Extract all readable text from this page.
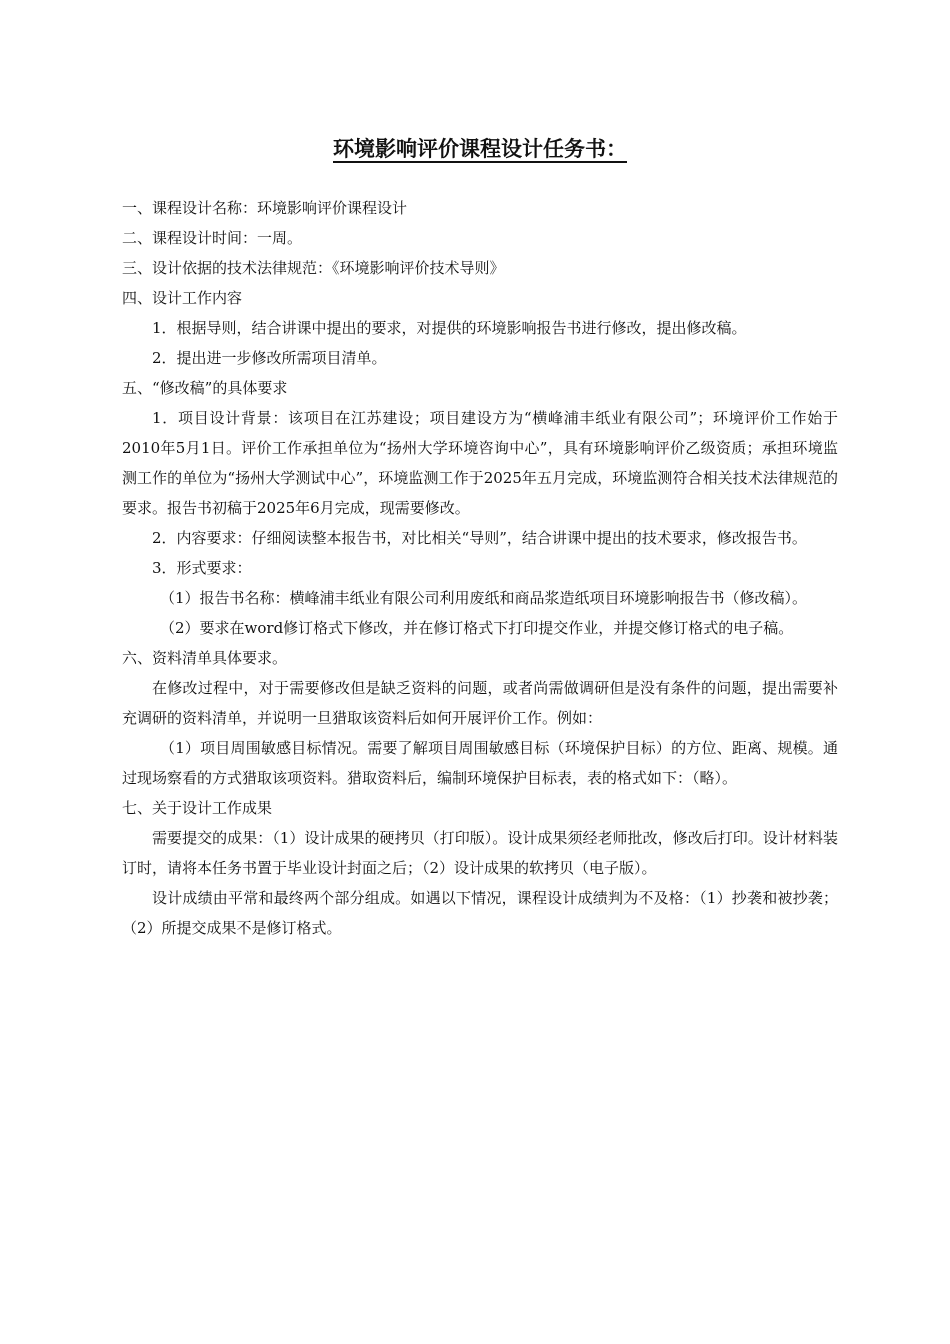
环境影响评价课程设计任务书：

一、课程设计名称：环境影响评价课程设计

二、课程设计时间：一周。

三、设计依据的技术法律规范：《环境影响评价技术导则》

四、设计工作内容

1．根据导则，结合讲课中提出的要求，对提供的环境影响报告书进行修改，提出修改稿。

2．提出进一步修改所需项目清单。

五、“修改稿”的具体要求

1．项目设计背景：该项目在江苏建设；项目建设方为“横峰浦丰纸业有限公司”；环境评价工作始于2010年5月1日。评价工作承担单位为“扬州大学环境咨询中心”，具有环境影响评价乙级资质；承担环境监测工作的单位为“扬州大学测试中心”，环境监测工作于2025年五月完成，环境监测符合相关技术法律规范的要求。报告书初稿于2025年6月完成，现需要修改。

2．内容要求：仔细阅读整本报告书，对比相关“导则”，结合讲课中提出的技术要求，修改报告书。

3．形式要求：

（1）报告书名称：横峰浦丰纸业有限公司利用废纸和商品浆造纸项目环境影响报告书（修改稿）。

（2）要求在word修订格式下修改，并在修订格式下打印提交作业，并提交修订格式的电子稿。

六、资料清单具体要求。

在修改过程中，对于需要修改但是缺乏资料的问题，或者尚需做调研但是没有条件的问题，提出需要补充调研的资料清单，并说明一旦猎取该资料后如何开展评价工作。例如：

（1）项目周围敏感目标情况。需要了解项目周围敏感目标（环境保护目标）的方位、距离、规模。通过现场察看的方式猎取该项资料。猎取资料后，编制环境保护目标表，表的格式如下：（略）。

七、关于设计工作成果

需要提交的成果：（1）设计成果的硬拷贝（打印版）。设计成果须经老师批改，修改后打印。设计材料装订时，请将本任务书置于毕业设计封面之后；（2）设计成果的软拷贝（电子版）。

设计成绩由平常和最终两个部分组成。如遇以下情况，课程设计成绩判为不及格：（1）抄袭和被抄袭；（2）所提交成果不是修订格式。
